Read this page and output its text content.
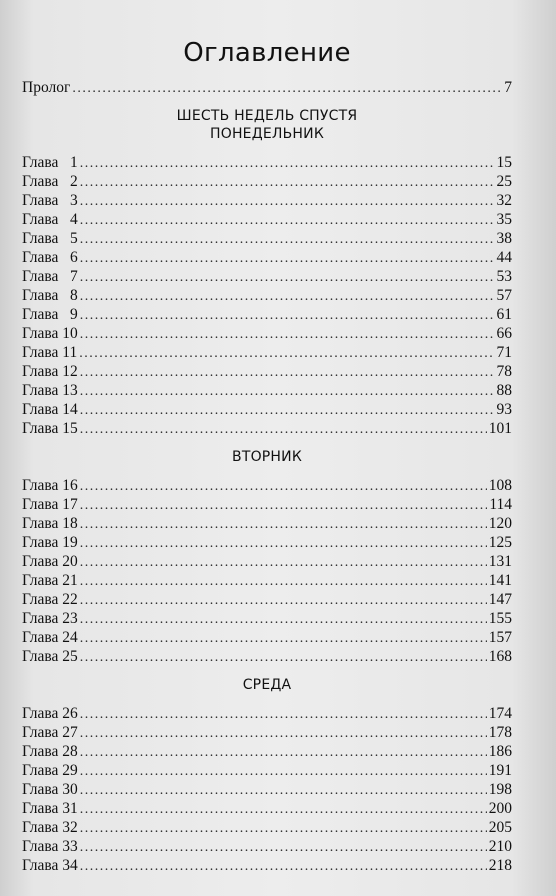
Оглавление
Пролог .....	7
ШЕСТЬ НЕДЕЛЬ СПУСТЯ
ПОНЕДЕЛЬНИК
Глава   1 .....	15
Глава   2 .....	25
Глава   3 .....	32
Глава   4 .....	35
Глава   5 .....	38
Глава   6 .....	44
Глава   7 .....	53
Глава   8 .....	57
Глава   9 .....	61
Глава 10 .....	66
Глава 11 .....	71
Глава 12 .....	78
Глава 13 .....	88
Глава 14 .....	93
Глава 15 .....	101
ВТОРНИК
Глава 16 .....	108
Глава 17 .....	114
Глава 18 .....	120
Глава 19 .....	125
Глава 20 .....	131
Глава 21 .....	141
Глава 22 .....	147
Глава 23 .....	155
Глава 24 .....	157
Глава 25 .....	168
СРЕДА
Глава 26 .....	174
Глава 27 .....	178
Глава 28 .....	186
Глава 29 .....	191
Глава 30 .....	198
Глава 31 .....	200
Глава 32 .....	205
Глава 33 .....	210
Глава 34 .....	218
